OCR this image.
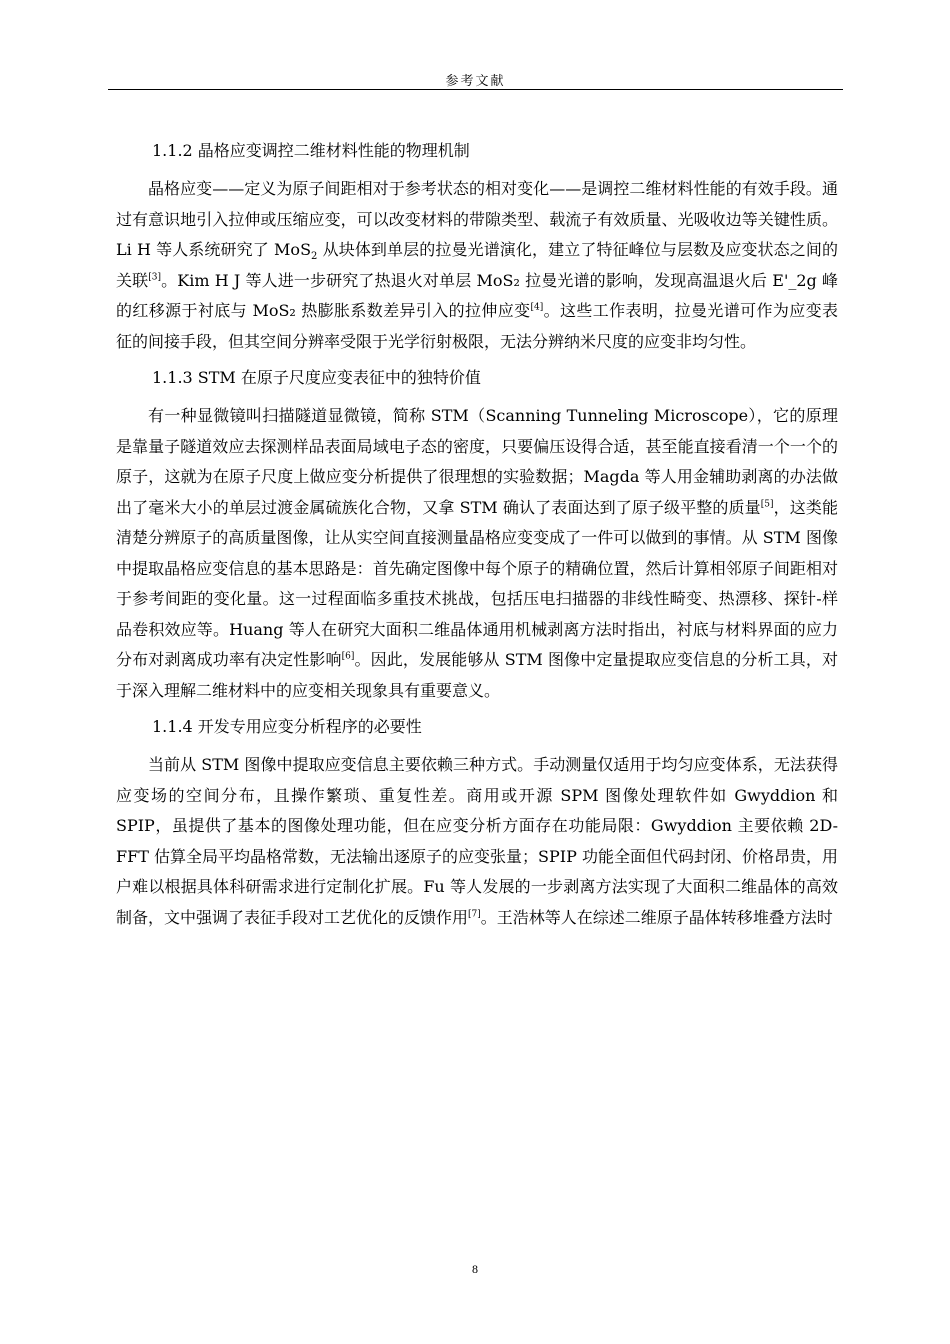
参考文献
1.1.2 晶格应变调控二维材料性能的物理机制

晶格应变——定义为原子间距相对于参考状态的相对变化——是调控二维材料性能的有效手段。通过有意识地引入拉伸或压缩应变，可以改变材料的带隙类型、载流子有效质量、光吸收边等关键性质。Li H 等人系统研究了 MoS$_2$ 从块体到单层的拉曼光谱演化，建立了特征峰位与层数及应变状态之间的关联[3]。Kim H J 等人进一步研究了热退火对单层 MoS₂ 拉曼光谱的影响，发现高温退火后 E'_2g 峰的红移源于衬底与 MoS₂ 热膨胀系数差异引入的拉伸应变[4]。这些工作表明，拉曼光谱可作为应变表征的间接手段，但其空间分辨率受限于光学衍射极限，无法分辨纳米尺度的应变非均匀性。

1.1.3 STM 在原子尺度应变表征中的独特价值

有一种显微镜叫扫描隧道显微镜，简称 STM（Scanning Tunneling Microscope），它的原理是靠量子隧道效应去探测样品表面局域电子态的密度，只要偏压设得合适，甚至能直接看清一个一个的原子，这就为在原子尺度上做应变分析提供了很理想的实验数据；Magda 等人用金辅助剥离的办法做出了毫米大小的单层过渡金属硫族化合物，又拿 STM 确认了表面达到了原子级平整的质量[5]，这类能清楚分辨原子的高质量图像，让从实空间直接测量晶格应变变成了一件可以做到的事情。从 STM 图像中提取晶格应变信息的基本思路是：首先确定图像中每个原子的精确位置，然后计算相邻原子间距相对于参考间距的变化量。这一过程面临多重技术挑战，包括压电扫描器的非线性畸变、热漂移、探针-样品卷积效应等。Huang 等人在研究大面积二维晶体通用机械剥离方法时指出，衬底与材料界面的应力分布对剥离成功率有决定性影响[6]。因此，发展能够从 STM 图像中定量提取应变信息的分析工具，对于深入理解二维材料中的应变相关现象具有重要意义。

1.1.4 开发专用应变分析程序的必要性

当前从 STM 图像中提取应变信息主要依赖三种方式。手动测量仅适用于均匀应变体系，无法获得应变场的空间分布，且操作繁琐、重复性差。商用或开源 SPM 图像处理软件如 Gwyddion 和 SPIP，虽提供了基本的图像处理功能，但在应变分析方面存在功能局限：Gwyddion 主要依赖 2D-FFT 估算全局平均晶格常数，无法输出逐原子的应变张量；SPIP 功能全面但代码封闭、价格昂贵，用户难以根据具体科研需求进行定制化扩展。Fu 等人发展的一步剥离方法实现了大面积二维晶体的高效制备，文中强调了表征手段对工艺优化的反馈作用[7]。王浩林等人在综述二维原子晶体转移堆叠方法时

8
